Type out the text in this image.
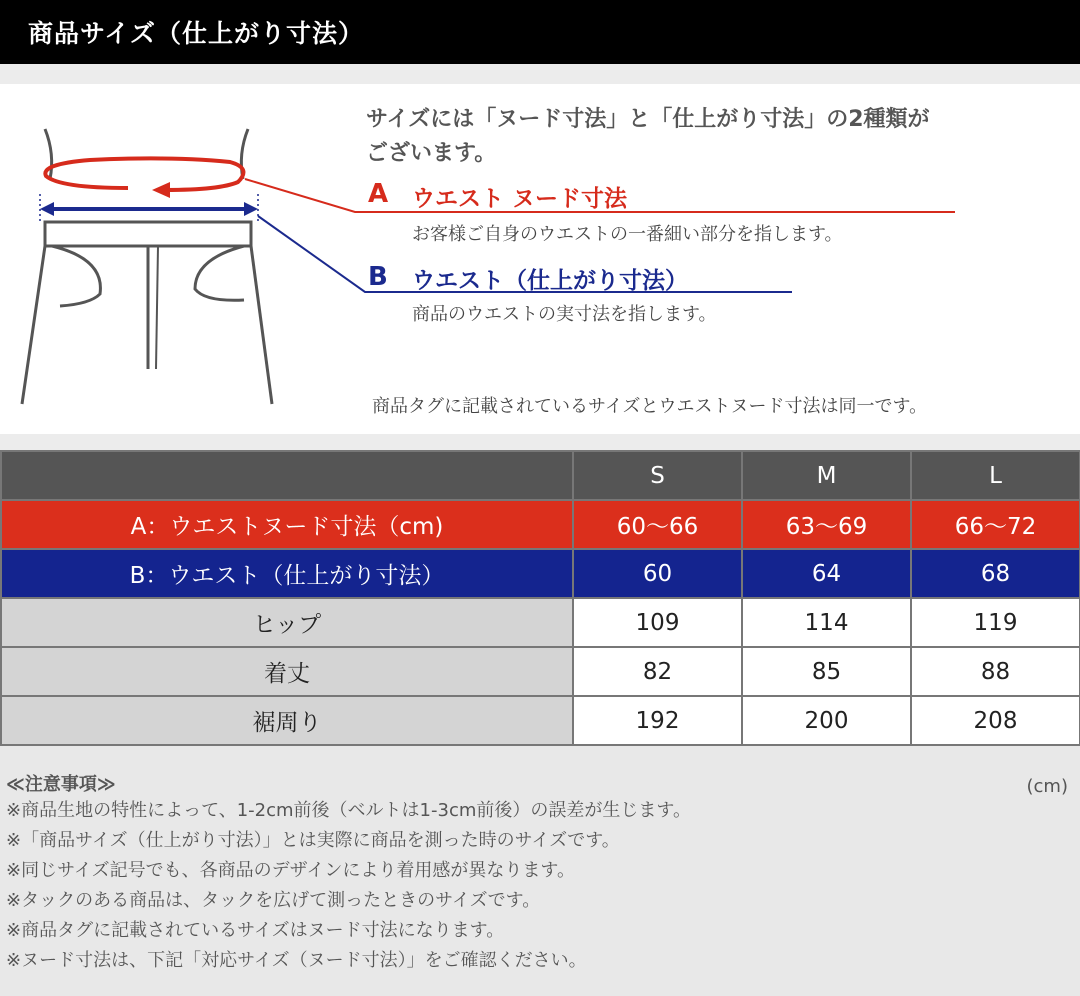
商品サイズ（仕上がり寸法）
サイズには「ヌード寸法」と「仕上がり寸法」の2種類が
ございます。
A ウエスト ヌード寸法
お客様ご自身のウエストの一番細い部分を指します。
B ウエスト（仕上がり寸法）
商品のウエストの実寸法を指します。
商品タグに記載されているサイズとウエストヌード寸法は同一です。
	S	M	L
A：ウエストヌード寸法（cm)	60〜66	63〜69	66〜72
B：ウエスト（仕上がり寸法）	60	64	68
ヒップ	109	114	119
着丈	82	85	88
裾周り	192	200	208
≪注意事項≫	(cm)
※商品生地の特性によって、1-2cm前後（ベルトは1-3cm前後）の誤差が生じます。
※「商品サイズ（仕上がり寸法）」とは実際に商品を測った時のサイズです。
※同じサイズ記号でも、各商品のデザインにより着用感が異なります。
※タックのある商品は、タックを広げて測ったときのサイズです。
※商品タグに記載されているサイズはヌード寸法になります。
※ヌード寸法は、下記「対応サイズ（ヌード寸法）」をご確認ください。
